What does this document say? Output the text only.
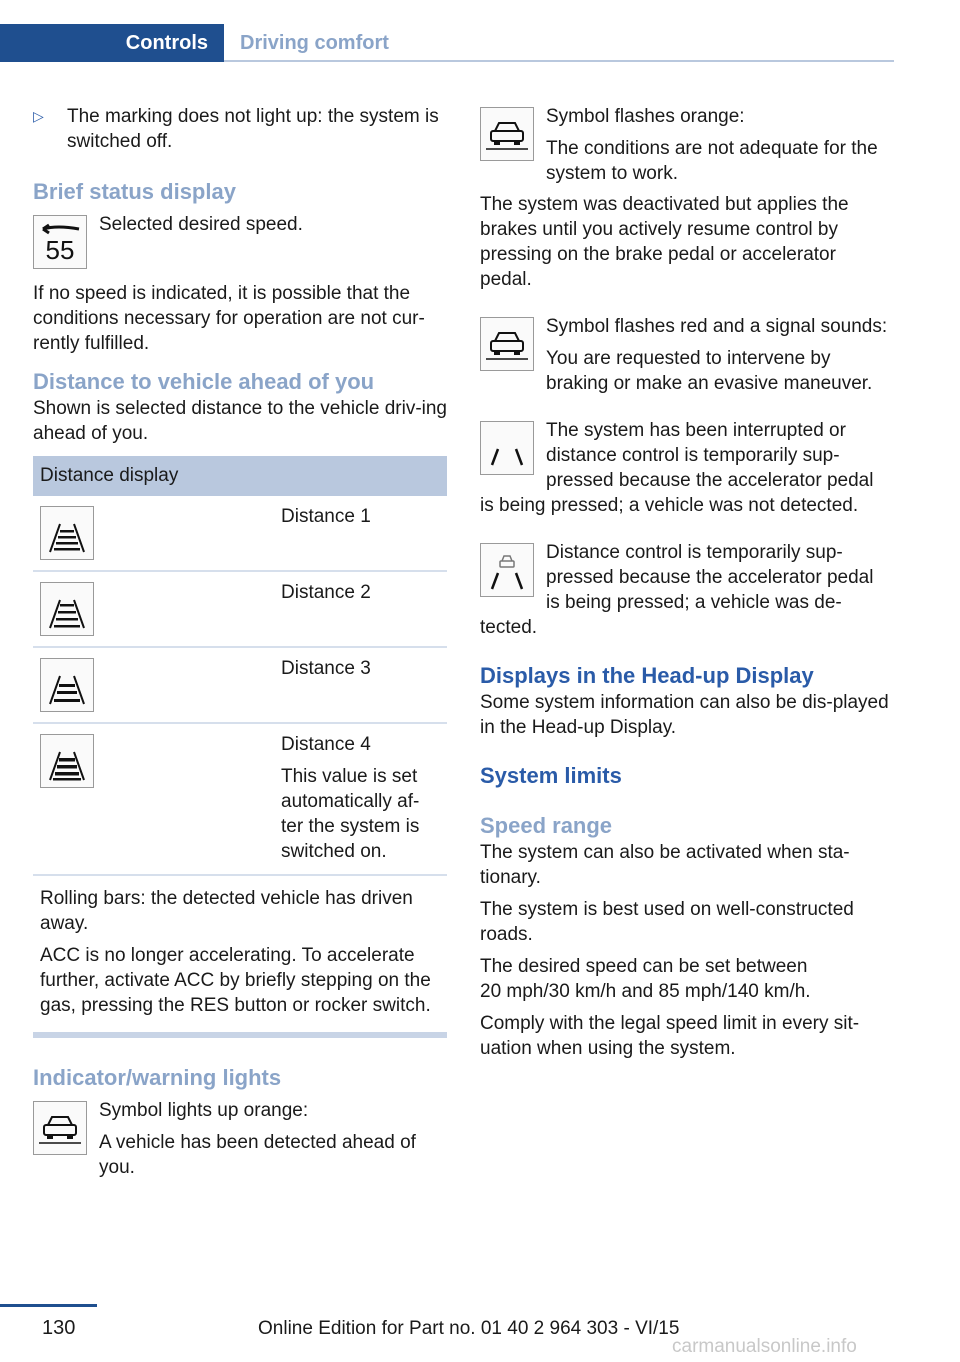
Controls Driving comfort
▷	The marking does not light up: the system is switched off.

Brief status display

55

Selected desired speed.

If no speed is indicated, it is possible that the conditions necessary for operation are not cur-rently fulfilled.

Distance to vehicle ahead of you

Shown is selected distance to the vehicle driv-ing ahead of you.

Distance display

Distance 1

Distance 2

Distance 3

Distance 4

This value is set automatically af-ter the system is switched on.

Rolling bars: the detected vehicle has driven away.

ACC is no longer accelerating. To accelerate further, activate ACC by briefly stepping on the gas, pressing the RES button or rocker switch.

Indicator/warning lights

Symbol lights up orange:

A vehicle has been detected ahead of you.

Symbol flashes orange:

The conditions are not adequate for the system to work.

The system was deactivated but applies the brakes until you actively resume control by pressing on the brake pedal or accelerator pedal.

Symbol flashes red and a signal sounds:

You are requested to intervene by braking or make an evasive maneuver.

The system has been interrupted or distance control is temporarily sup-pressed because the accelerator pedal is being pressed; a vehicle was not detected.

Distance control is temporarily sup-pressed because the accelerator pedal is being pressed; a vehicle was de-tected.

Displays in the Head-up Display

Some system information can also be dis-played in the Head-up Display.

System limits

Speed range

The system can also be activated when sta-tionary.

The system is best used on well-constructed roads.

The desired speed can be set between

20 mph/30 km/h and 85 mph/140 km/h.

Comply with the legal speed limit in every sit-uation when using the system.

130	Online Edition for Part no. 01 40 2 964 303 - VI/15
carmanualsonline.info
